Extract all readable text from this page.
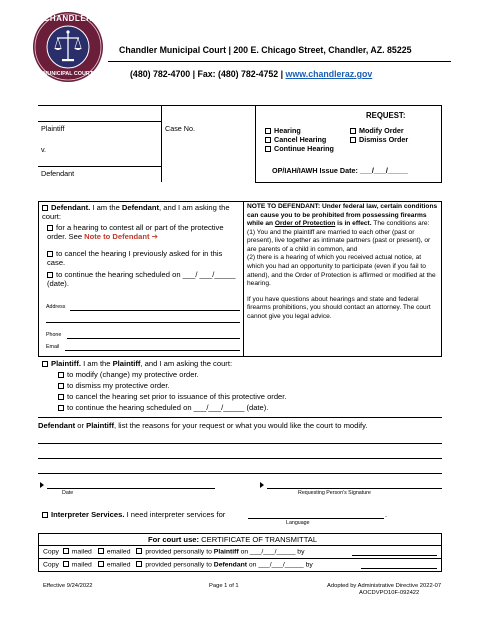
CHANDLER
MUNICIPAL COURT
Chandler Municipal Court | 200 E. Chicago Street, Chandler, AZ. 85225
(480) 782-4700 | Fax: (480) 782-4752 | www.chandleraz.gov
Plaintiff
v.
Defendant
Case No.
REQUEST:
Hearing
Cancel Hearing
Continue Hearing
Modify Order
Dismiss Order
OP/IAH/IAWH Issue Date: ___/___/_____
Defendant. I am the Defendant, and I am asking the court:
for a hearing to contest all or part of the protective order. See Note to Defendant ➔
to cancel the hearing I previously asked for in this case.
to continue the hearing scheduled on ___/ ___/_____ (date).
Address
Phone
Email

NOTE TO DEFENDANT: Under federal law, certain conditions can cause you to be prohibited from possessing firearms while an Order of Protection is in effect. The conditions are:

(1) You and the plaintiff are married to each other (past or present), live together as intimate partners (past or present), or are parents of a child in common, and

(2) there is a hearing of which you received actual notice, at which you had an opportunity to participate (even if you fail to attend), and the Order of Protection is affirmed or modified at the hearing.

If you have questions about hearings and state and federal firearms prohibitions, you should contact an attorney. The court cannot give you legal advice.

Plaintiff. I am the Plaintiff, and I am asking the court:
to modify (change) my protective order.
to dismiss my protective order.
to cancel the hearing set prior to issuance of this protective order.
to continue the hearing scheduled on ___/___/_____ (date).
Defendant or Plaintiff, list the reasons for your request or what you would like the court to modify.
Date	Requesting Person's Signature
Interpreter Services. I need interpreter services for	.
Language
For court use: CERTIFICATE OF TRANSMITTAL
Copy mailed emailed provided personally to Plaintiff on ___/___/_____ by
Copy mailed emailed provided personally to Defendant on ___/___/_____ by
Effective 9/24/2022	Page 1 of 1	Adopted by Administrative Directive 2022-07
AOCDVPO10F-092422
